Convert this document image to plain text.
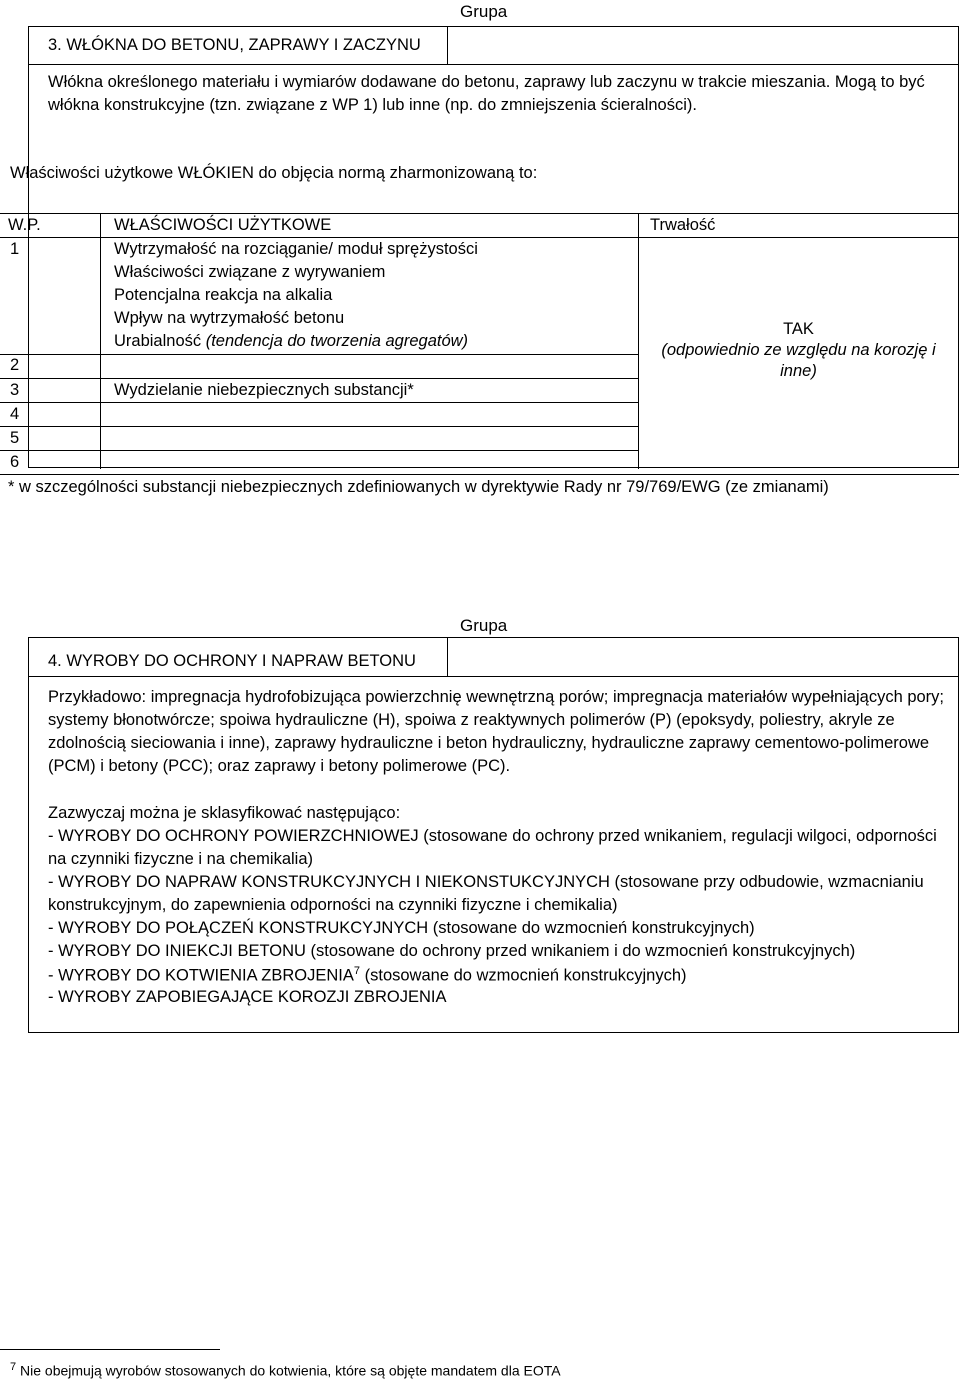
Grupa
3. WŁÓKNA DO BETONU, ZAPRAWY I ZACZYNU
Włókna określonego materiału i wymiarów dodawane do betonu, zaprawy lub zaczynu w trakcie mieszania. Mogą to być
włókna konstrukcyjne (tzn. związane z WP 1) lub inne (np. do zmniejszenia ścieralności).
Właściwości użytkowe WŁÓKIEN do objęcia normą zharmonizowaną to:
W.P.	WŁAŚCIWOŚCI UŻYTKOWE	Trwałość
1	Wytrzymałość na rozciąganie/ moduł sprężystości
Właściwości związane z wyrywaniem
Potencjalna reakcja na alkalia
Wpływ na wytrzymałość betonu
Urabialność (tendencja do tworzenia agregatów)
2
3	Wydzielanie niebezpiecznych substancji*
4
5
6
TAK
(odpowiednio ze względu na korozję i
inne)
* w szczególności substancji niebezpiecznych zdefiniowanych w dyrektywie Rady nr 79/769/EWG (ze zmianami)
Grupa
4. WYROBY DO OCHRONY I NAPRAW BETONU
Przykładowo: impregnacja hydrofobizująca powierzchnię wewnętrzną porów; impregnacja materiałów wypełniających pory;
systemy błonotwórcze; spoiwa hydrauliczne (H), spoiwa z reaktywnych polimerów (P) (epoksydy, poliestry, akryle ze
zdolnością sieciowania i inne), zaprawy hydrauliczne i beton hydrauliczny, hydrauliczne zaprawy cementowo-polimerowe
(PCM) i betony (PCC); oraz zaprawy i betony polimerowe (PC).
Zazwyczaj można je sklasyfikować następująco:
- WYROBY DO OCHRONY POWIERZCHNIOWEJ (stosowane do ochrony przed wnikaniem, regulacji wilgoci, odporności
na czynniki fizyczne i na chemikalia)
- WYROBY DO NAPRAW KONSTRUKCYJNYCH I NIEKONSTUKCYJNYCH (stosowane przy odbudowie, wzmacnianiu
konstrukcyjnym, do zapewnienia odporności na czynniki fizyczne i chemikalia)
- WYROBY DO POŁĄCZEŃ KONSTRUKCYJNYCH (stosowane do wzmocnień konstrukcyjnych)
- WYROBY DO INIEKCJI BETONU (stosowane do ochrony przed wnikaniem i do wzmocnień konstrukcyjnych)
- WYROBY DO KOTWIENIA ZBROJENIA$^7$ (stosowane do wzmocnień konstrukcyjnych)
- WYROBY ZAPOBIEGAJĄCE KOROZJI ZBROJENIA
$^7$ Nie obejmują wyrobów stosowanych do kotwienia, które są objęte mandatem dla EOTA
